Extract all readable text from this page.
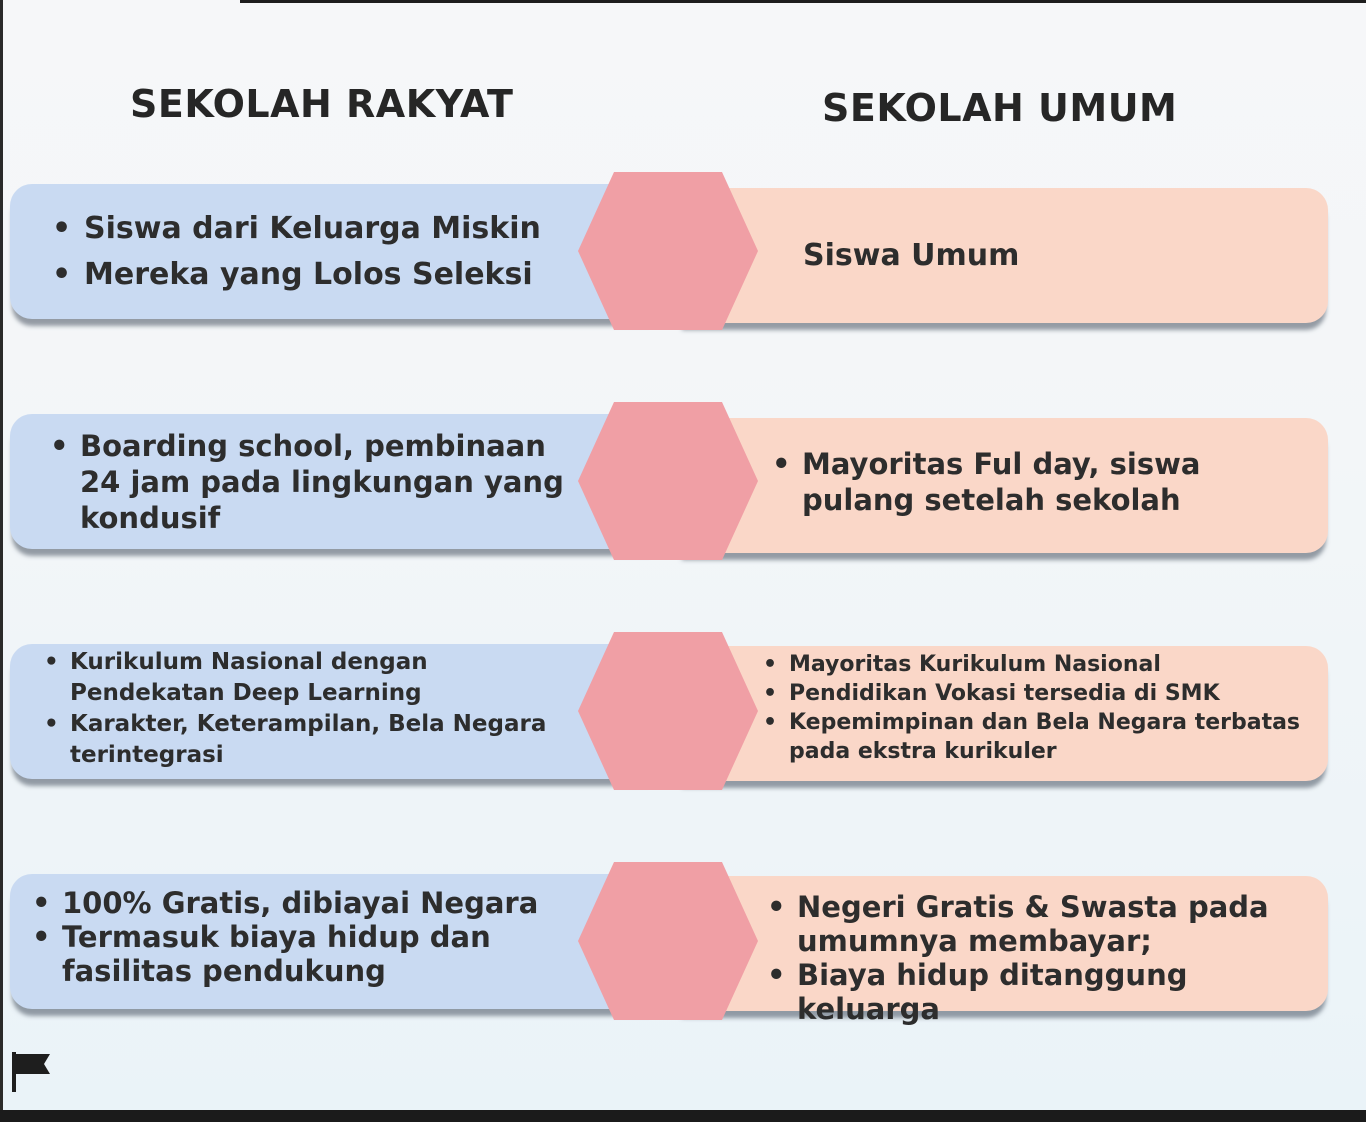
SEKOLAH RAKYAT	SEKOLAH UMUM
• Siswa dari Keluarga Miskin
• Mereka yang Lolos Seleksi
Siswa Umum
• Boarding school, pembinaan 24 jam pada lingkungan yang kondusif
• Mayoritas Ful day, siswa pulang setelah sekolah
• Kurikulum Nasional dengan Pendekatan Deep Learning
• Karakter, Keterampilan, Bela Negara terintegrasi
• Mayoritas Kurikulum Nasional
• Pendidikan Vokasi tersedia di SMK
• Kepemimpinan dan Bela Negara terbatas pada ekstra kurikuler
• 100% Gratis, dibiayai Negara
• Termasuk biaya hidup dan fasilitas pendukung
• Negeri Gratis & Swasta pada umumnya membayar;
• Biaya hidup ditanggung keluarga
